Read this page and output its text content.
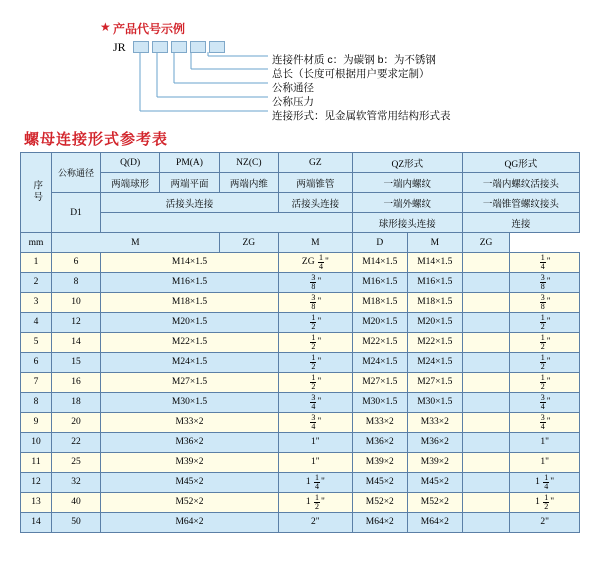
★ 产品代号示例
JR
连接件材质 c：为碳钢 b：为不锈钢
总长（长度可根据用户要求定制）
公称通径
公称压力
连接形式：见金属软管常用结构形式表
螺母连接形式参考表
序号	公称通径	Q(D)	PM(A)	NZ(C)	GZ	QZ形式		QG形式	
		两端球形	两端平面	两端内维	两端锥管	一端内螺纹		一端内螺纹活接头	
	D1	活接头连接			活接头连接	一端外螺纹		一端锥管螺纹接头	
						球形接头连接		连接	
mm	M			ZG	M	D	M	ZG	
1	6	M14×1.5			ZG $\frac{1}{4}$ "	M14×1.5	M14×1.5		$\frac{1}{4}$ "
2	8	M16×1.5			$\frac{3}{8}$ "	M16×1.5	M16×1.5		$\frac{3}{8}$ "
3	10	M18×1.5			$\frac{3}{8}$ "	M18×1.5	M18×1.5		$\frac{3}{8}$ "
4	12	M20×1.5			$\frac{1}{2}$ "	M20×1.5	M20×1.5		$\frac{1}{2}$ "
5	14	M22×1.5			$\frac{1}{2}$ "	M22×1.5	M22×1.5		$\frac{1}{2}$ "
6	15	M24×1.5			$\frac{1}{2}$ "	M24×1.5	M24×1.5		$\frac{1}{2}$ "
7	16	M27×1.5			$\frac{1}{2}$ "	M27×1.5	M27×1.5		$\frac{1}{2}$ "
8	18	M30×1.5			$\frac{3}{4}$ "	M30×1.5	M30×1.5		$\frac{3}{4}$ "
9	20	M33×2			$\frac{3}{4}$ "	M33×2	M33×2		$\frac{3}{4}$ "
10	22	M36×2			1"	M36×2	M36×2		1"
11	25	M39×2			1"	M39×2	M39×2		1"
12	32	M45×2			$1 \frac{1}{4}$ "	M45×2	M45×2		$1 \frac{1}{4}$ "
13	40	M52×2			$1 \frac{1}{2}$ "	M52×2	M52×2		$1 \frac{1}{2}$ "
14	50	M64×2			2"	M64×2	M64×2		2"
